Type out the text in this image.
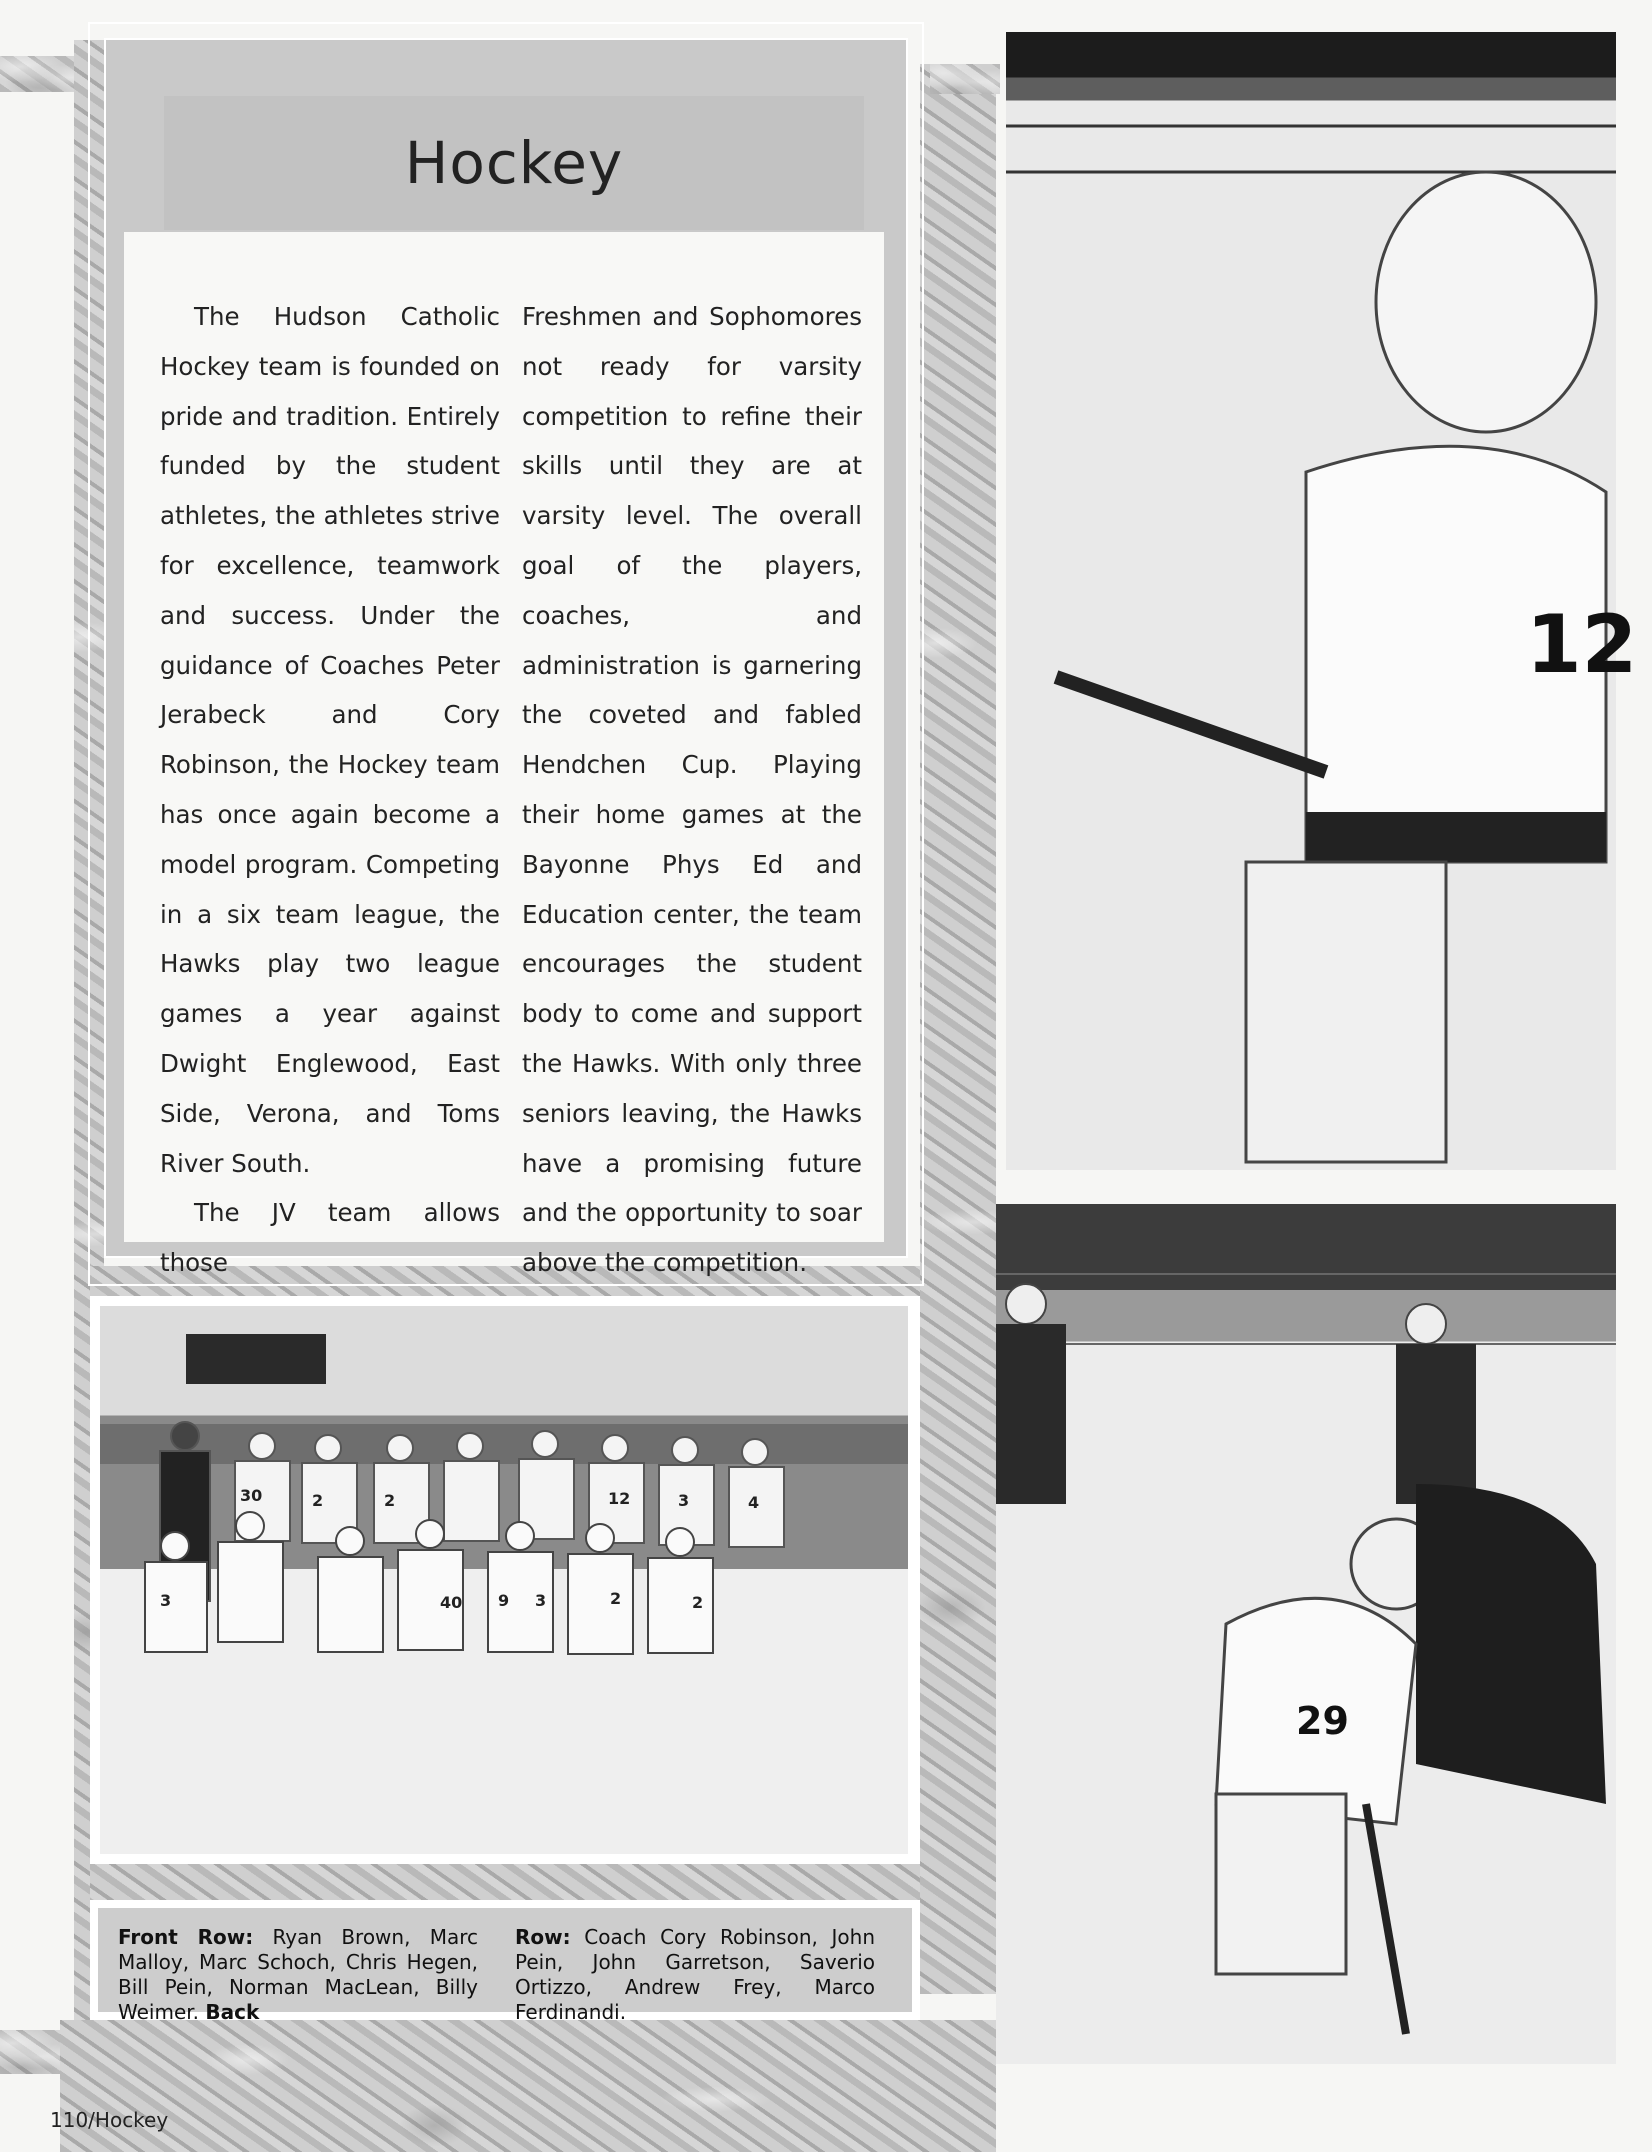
Hockey

The Hudson Catholic Hockey team is founded on pride and tradition. Entirely funded by the student athletes, the athletes strive for excellence, teamwork and success. Under the guidance of Coaches Peter Jerabeck and Cory Robinson, the Hockey team has once again become a model program. Competing in a six team league, the Hawks play two league games a year against Dwight Englewood, East Side, Verona, and Toms River South.

The JV team allows those

Freshmen and Sophomores not ready for varsity competition to refine their skills until they are at varsity level. The overall goal of the players, coaches, and administration is garnering the coveted and fabled Hendchen Cup. Playing their home games at the Bayonne Phys Ed and Education center, the team encourages the student body to come and support the Hawks. With only three seniors leaving, the Hawks have a promising future and the opportunity to soar above the competition.

30	2	2	12	3	4
40 9 3	2
3	2
Front Row: Ryan Brown, Marc Malloy, Marc Schoch, Chris Hegen, Bill Pein, Norman MacLean, Billy Weimer. Back
Row: Coach Cory Robinson, John Pein, John Garretson, Saverio Ortizzo, Andrew Frey, Marco Ferdinandi.
12
29
110/Hockey
